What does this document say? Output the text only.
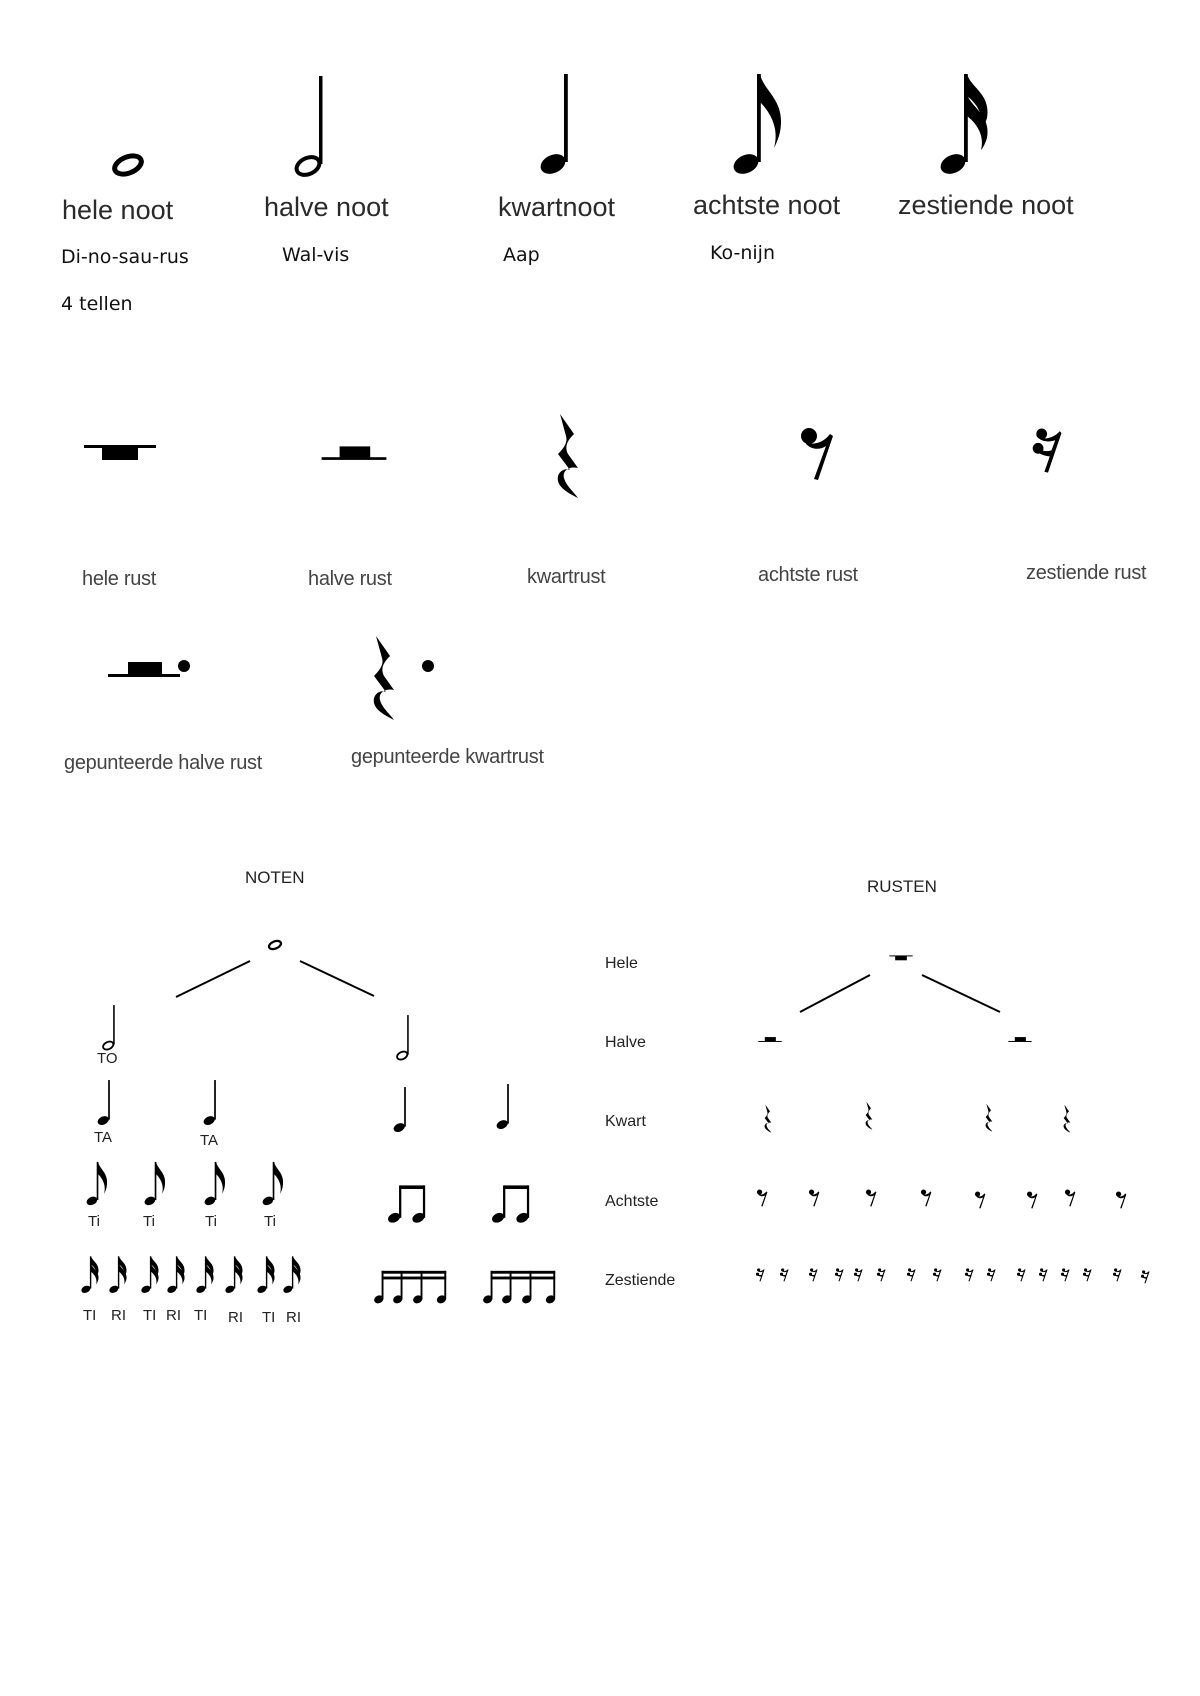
hele noot	halve noot	kwartnoot	achtste noot zestiende noot
Di-no-sau-rus	Wal-vis	Aap	Ko-nijn
4 tellen
hele rust	halve rust	kwartrust	achtste rust	zestiende rust
gepunteerde halve rust	gepunteerde kwartrust
NOTEN	RUSTEN
Hele
Halve
Kwart
Achtste
Zestiende
TO
TA	TA
Ti	Ti	Ti	Ti
TI RI TI RI TI RI TI RI
